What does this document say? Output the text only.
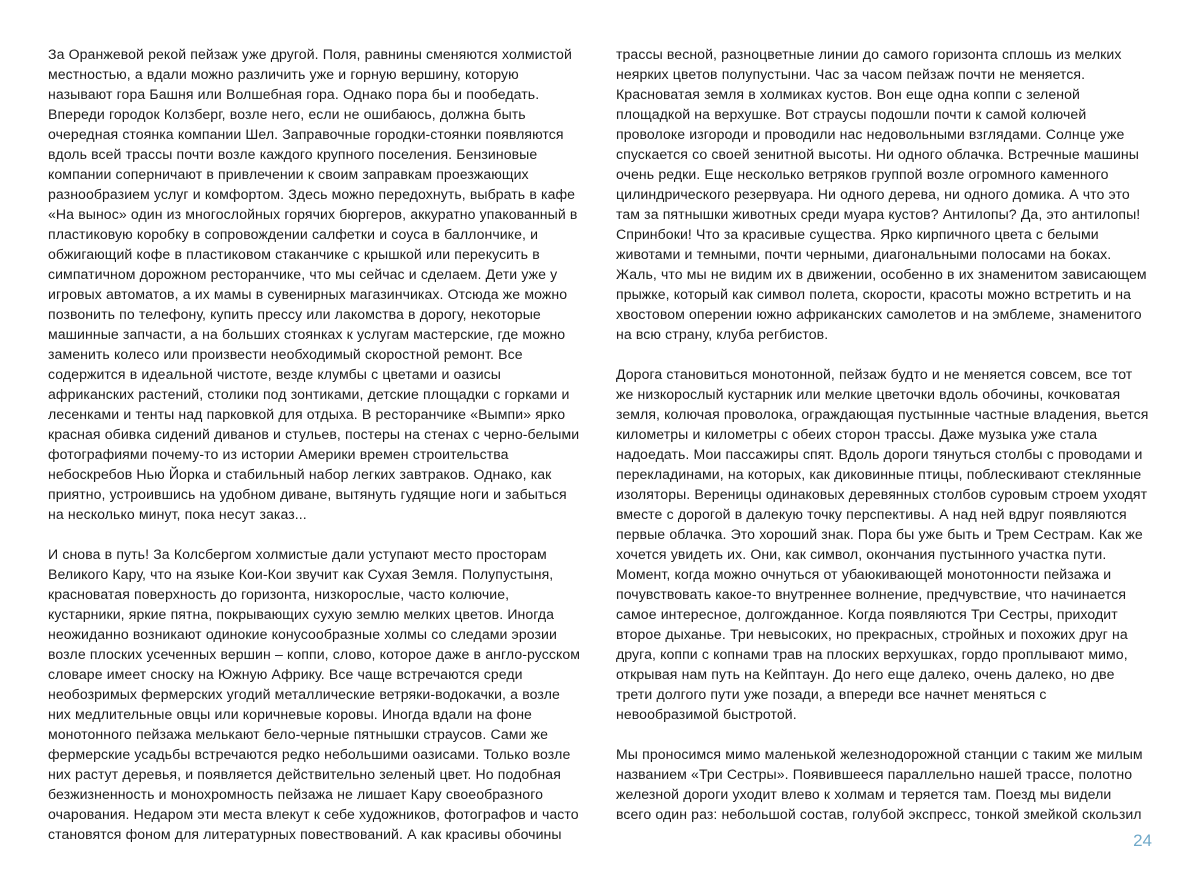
За Оранжевой рекой пейзаж уже другой. Поля, равнины сменяются холмистой местностью, а вдали можно различить уже и горную вершину, которую называют гора Башня или Волшебная гора. Однако пора бы и пообедать. Впереди городок Колзберг, возле него, если не ошибаюсь, должна быть очередная стоянка компании Шел. Заправочные городки-стоянки появляются вдоль всей трассы почти возле каждого крупного поселения. Бензиновые компании соперничают в привлечении к своим заправкам проезжающих разнообразием услуг и комфортом. Здесь можно передохнуть, выбрать в кафе «На вынос» один из многослойных горячих бюргеров, аккуратно упакованный в пластиковую коробку в сопровождении салфетки и соуса в баллончике, и обжигающий кофе в пластиковом стаканчике с крышкой или перекусить в симпатичном дорожном ресторанчике, что мы сейчас и сделаем. Дети уже у игровых автоматов, а их мамы в сувенирных магазинчиках. Отсюда же можно позвонить по телефону, купить прессу или лакомства в дорогу, некоторые машинные запчасти, а на больших стоянках к услугам мастерские, где можно заменить колесо или произвести необходимый скоростной ремонт. Все содержится в идеальной чистоте, везде клумбы с цветами и оазисы африканских растений, столики под зонтиками, детские площадки с горками и лесенками и тенты над парковкой для отдыха. В ресторанчике «Вымпи» ярко красная обивка сидений диванов и стульев, постеры на стенах с черно-белыми фотографиями почему-то из истории Америки времен строительства небоскребов Нью Йорка и стабильный набор легких завтраков. Однако, как приятно, устроившись на удобном диване, вытянуть гудящие ноги и забыться на несколько минут, пока несут заказ...

И снова в путь! За Колсбергом холмистые дали уступают место просторам Великого Кару, что на языке Кои-Кои звучит как Сухая Земля. Полупустыня, красноватая поверхность до горизонта, низкорослые, часто колючие, кустарники, яркие пятна, покрывающих сухую землю мелких цветов. Иногда неожиданно возникают одинокие конусообразные холмы со следами эрозии возле плоских усеченных вершин – коппи, слово, которое даже в англо-русском словаре имеет сноску на Южную Африку. Все чаще встречаются среди необозримых фермерских угодий металлические ветряки-водокачки, а возле них медлительные овцы или коричневые коровы. Иногда вдали на фоне монотонного пейзажа мелькают бело-черные пятнышки страусов. Сами же фермерские усадьбы встречаются редко небольшими оазисами. Только возле них растут деревья, и появляется действительно зеленый цвет. Но подобная безжизненность и монохромность пейзажа не лишает Кару своеобразного очарования. Недаром эти места влекут к себе художников, фотографов и часто становятся фоном для литературных повествований. А как красивы обочины

трассы весной, разноцветные линии до самого горизонта сплошь из мелких неярких цветов полупустыни. Час за часом пейзаж почти не меняется. Красноватая земля в холмиках кустов. Вон еще одна коппи с зеленой площадкой на верхушке. Вот страусы подошли почти к самой колючей проволоке изгороди и проводили нас недовольными взглядами. Солнце уже спускается со своей зенитной высоты. Ни одного облачка. Встречные машины очень редки. Еще несколько ветряков группой возле огромного каменного цилиндрического резервуара. Ни одного дерева, ни одного домика. А что это там за пятнышки животных среди муара кустов? Антилопы? Да, это антилопы! Спринбоки! Что за красивые существа. Ярко кирпичного цвета с белыми животами и темными, почти черными, диагональными полосами на боках. Жаль, что мы не видим их в движении, особенно в их знаменитом зависающем прыжке, который как символ полета, скорости, красоты можно встретить и на хвостовом оперении южно африканских самолетов и на эмблеме, знаменитого на всю страну, клуба регбистов.

Дорога становиться монотонной, пейзаж будто и не меняется совсем, все тот же низкорослый кустарник или мелкие цветочки вдоль обочины, кочковатая земля, колючая проволока, ограждающая пустынные частные владения, вьется километры и километры с обеих сторон трассы. Даже музыка уже стала надоедать. Мои пассажиры спят. Вдоль дороги тянуться столбы с проводами и перекладинами, на которых, как диковинные птицы, поблескивают стеклянные изоляторы. Вереницы одинаковых деревянных столбов суровым строем уходят вместе с дорогой в далекую точку перспективы. А над ней вдруг появляются первые облачка. Это хороший знак. Пора бы уже быть и Трем Сестрам. Как же хочется увидеть их. Они, как символ, окончания пустынного участка пути. Момент, когда можно очнуться от убаюкивающей монотонности пейзажа и почувствовать какое-то внутреннее волнение, предчувствие, что начинается самое интересное, долгожданное. Когда появляются Три Сестры, приходит второе дыханье. Три невысоких, но прекрасных, стройных и похожих друг на друга, коппи с копнами трав на плоских верхушках, гордо проплывают мимо, открывая нам путь на Кейптаун. До него еще далеко, очень далеко, но две трети долгого пути уже позади, а впереди все начнет меняться с невообразимой быстротой.

Мы проносимся мимо маленькой железнодорожной станции с таким же милым названием «Три Сестры». Появившееся параллельно нашей трассе, полотно железной дороги уходит влево к холмам и теряется там. Поезд мы видели всего один раз: небольшой состав, голубой экспресс, тонкой змейкой скользил

24
